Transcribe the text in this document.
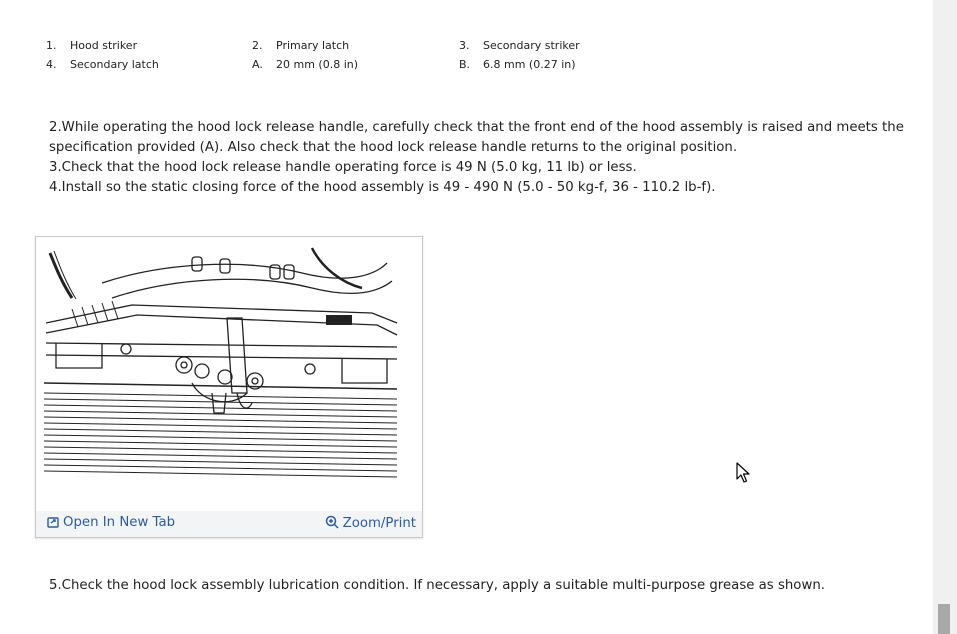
1. Hood striker	2. Primary latch	3. Secondary striker
4. Secondary latch	A. 20 mm (0.8 in)	B. 6.8 mm (0.27 in)

2.While operating the hood lock release handle, carefully check that the front end of the hood assembly is raised and meets the specification provided (A). Also check that the hood lock release handle returns to the original position.

3.Check that the hood lock release handle operating force is 49 N (5.0 kg, 11 lb) or less.

4.Install so the static closing force of the hood assembly is 49 - 490 N (5.0 - 50 kg-f, 36 - 110.2 lb-f).

Open In New Tab	Zoom/Print

5.Check the hood lock assembly lubrication condition. If necessary, apply a suitable multi-purpose grease as shown.
